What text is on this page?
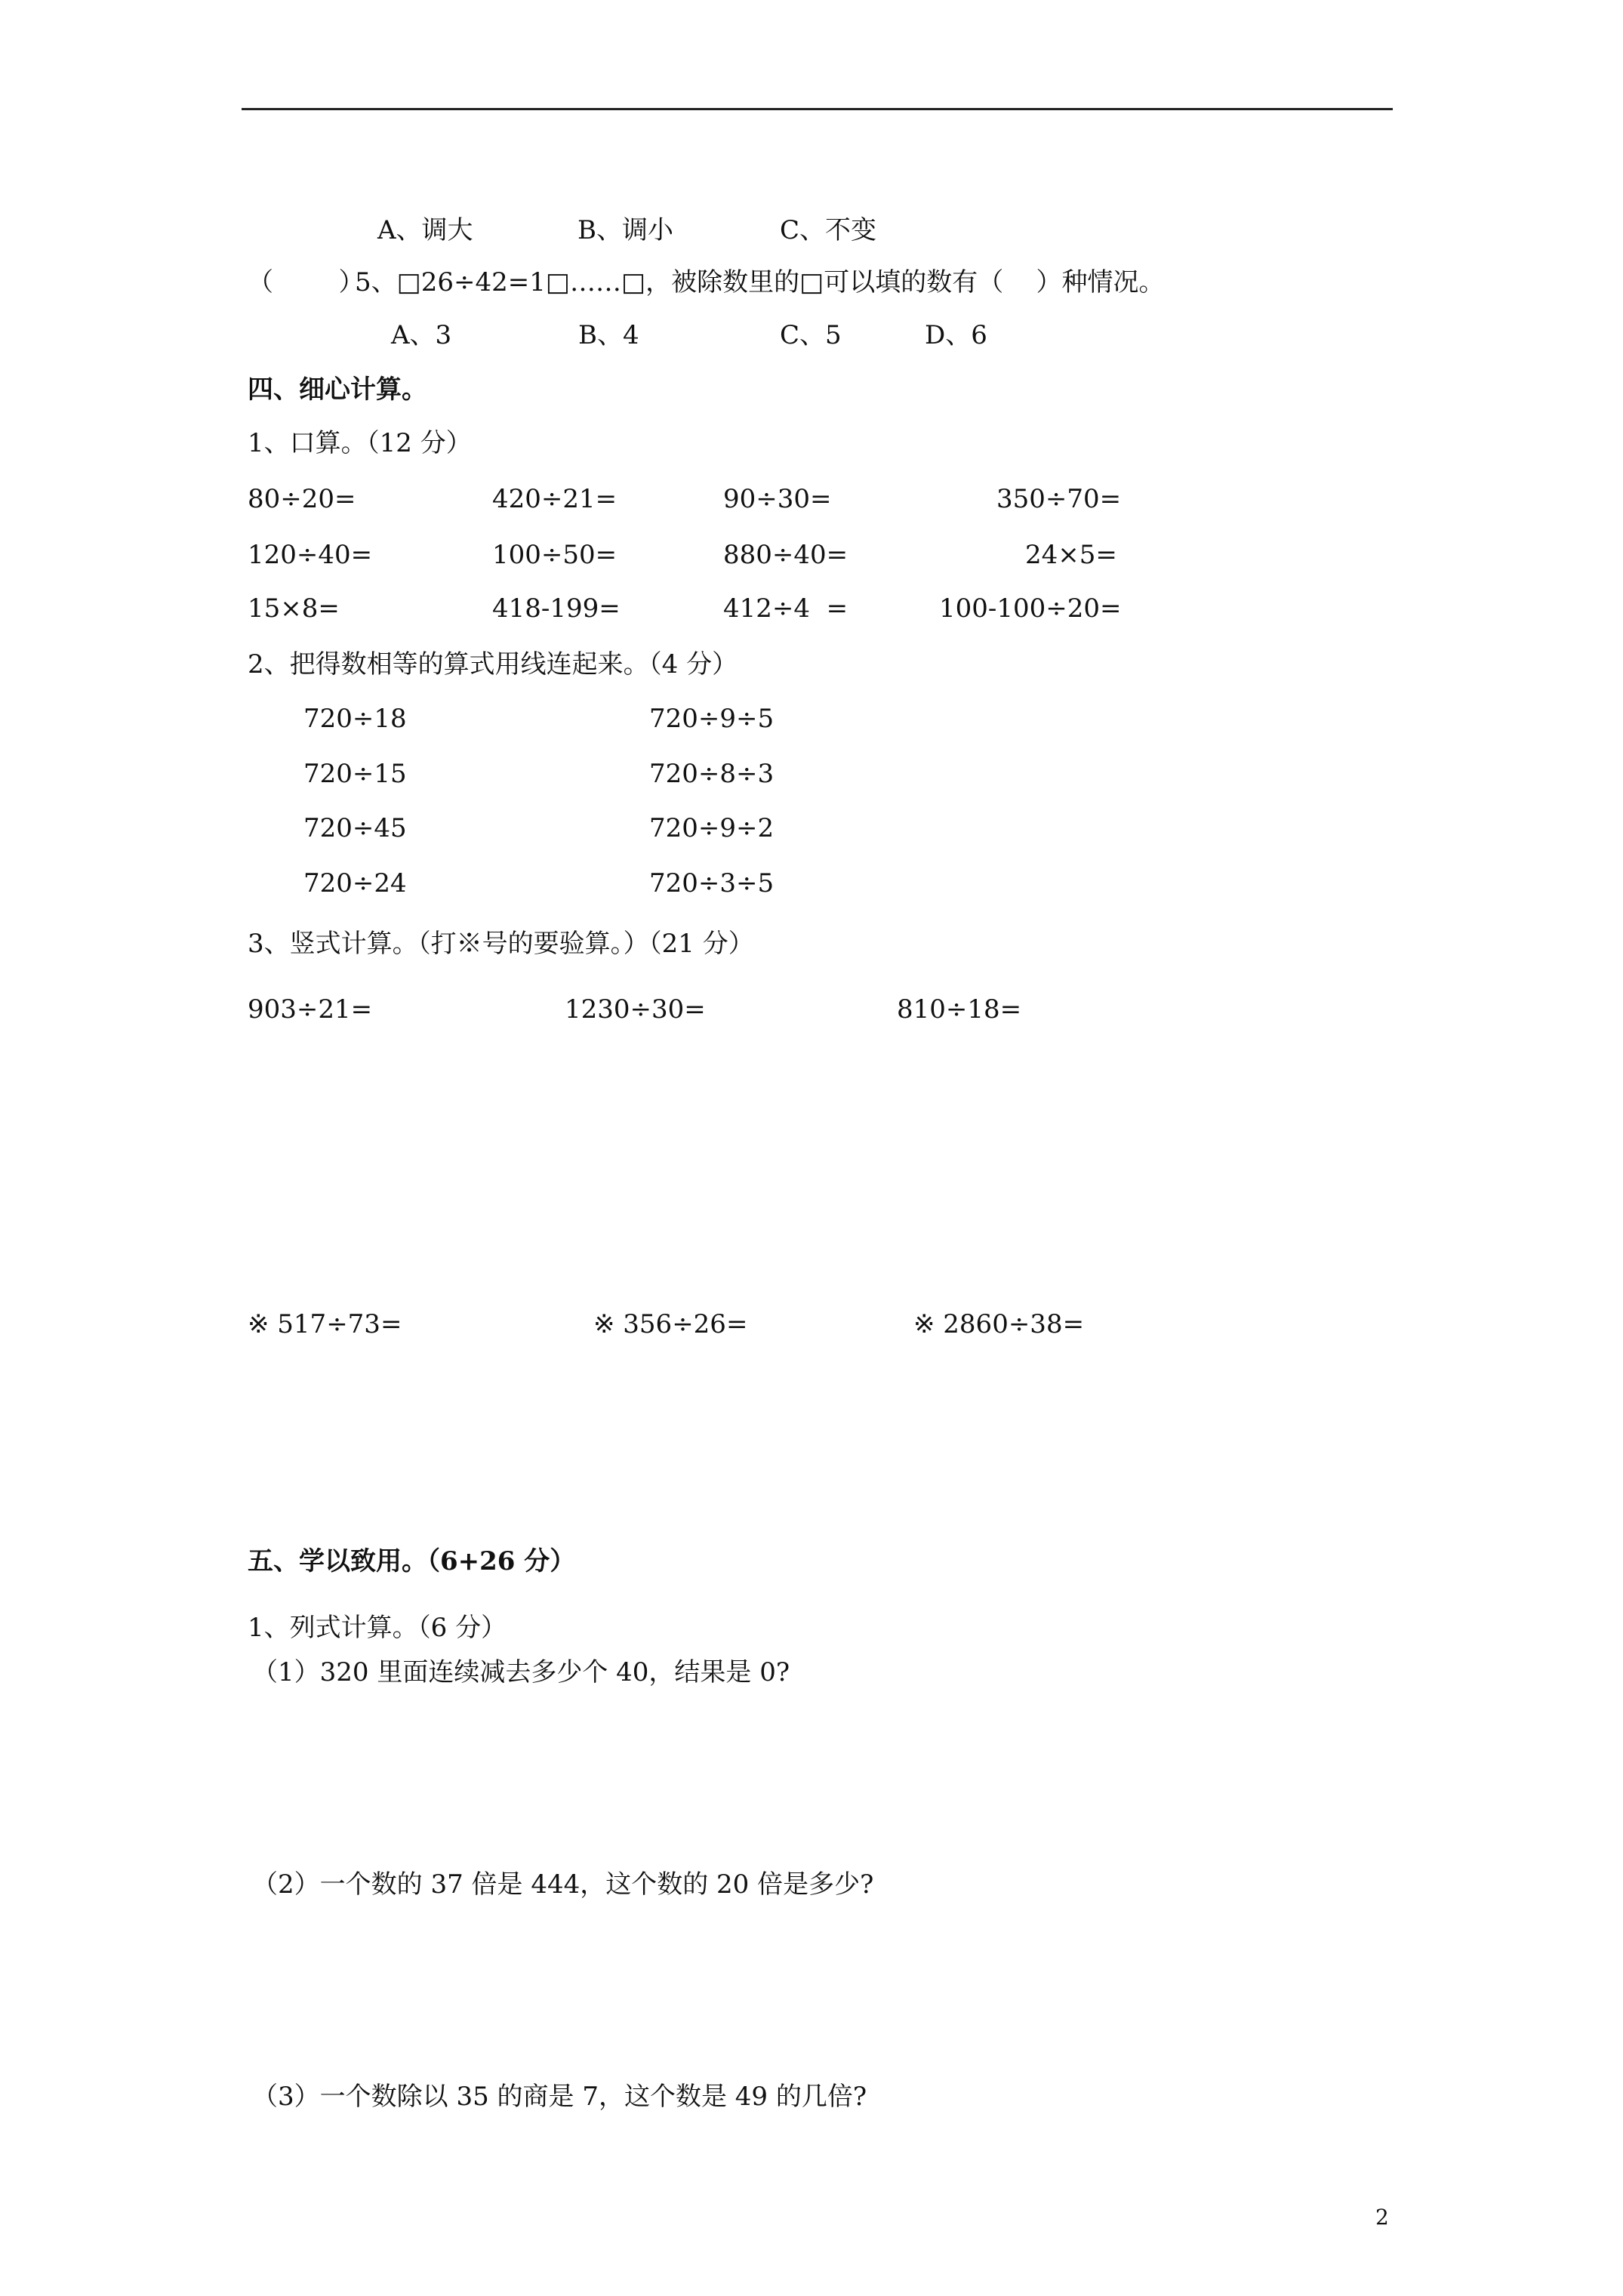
A、调大	B、调小	C、不变
（        ）
5、□26÷42=1□……□，被除数里的□可以填的数有（    ）种情况。
A、3	B、4	C、5	D、6
四、细心计算。
1、口算。（12 分）
80÷20=	420÷21=	90÷30=	350÷70=
120÷40=	100÷50=	880÷40=	24×5=
15×8=	418-199=	412÷4  =	100-100÷20=
2、把得数相等的算式用线连起来。（4 分）
720÷18	720÷9÷5
720÷15	720÷8÷3
720÷45	720÷9÷2
720÷24	720÷3÷5
3、竖式计算。（打※号的要验算。）（21 分）
903÷21=	1230÷30=	810÷18=
※ 517÷73=	※ 356÷26=	※ 2860÷38=
五、学以致用。（6+26 分）
1、列式计算。（6 分）
（1）320 里面连续减去多少个 40，结果是 0?
（2）一个数的 37 倍是 444，这个数的 20 倍是多少?
（3）一个数除以 35 的商是 7，这个数是 49 的几倍?
2
